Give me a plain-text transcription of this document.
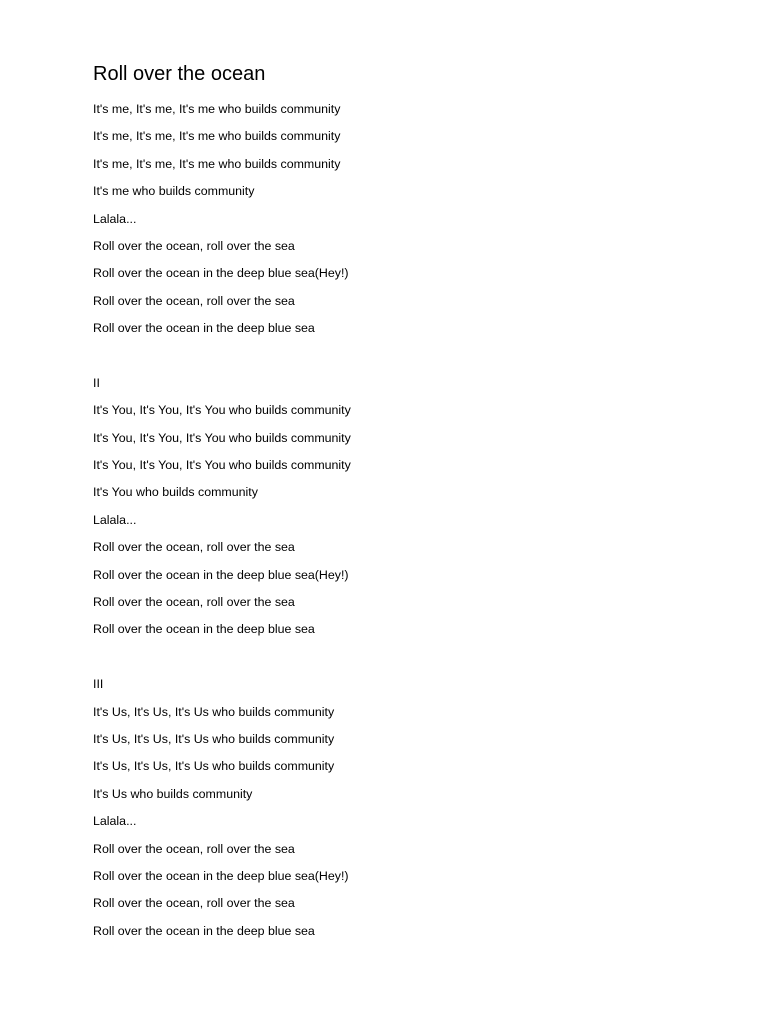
Roll over the ocean
It's me, It's me, It's me who builds community
It's me, It's me, It's me who builds community
It's me, It's me, It's me who builds community
It's me who builds community
Lalala...
Roll over the ocean, roll over the sea
Roll over the ocean in the deep blue sea(Hey!)
Roll over the ocean, roll over the sea
Roll over the ocean in the deep blue sea
II
It's You, It's You, It's You who builds community
It's You, It's You, It's You who builds community
It's You, It's You, It's You who builds community
It's You who builds community
Lalala...
Roll over the ocean, roll over the sea
Roll over the ocean in the deep blue sea(Hey!)
Roll over the ocean, roll over the sea
Roll over the ocean in the deep blue sea
III
It's Us, It's Us, It's Us who builds community
It's Us, It's Us, It's Us who builds community
It's Us, It's Us, It's Us who builds community
It's Us who builds community
Lalala...
Roll over the ocean, roll over the sea
Roll over the ocean in the deep blue sea(Hey!)
Roll over the ocean, roll over the sea
Roll over the ocean in the deep blue sea
